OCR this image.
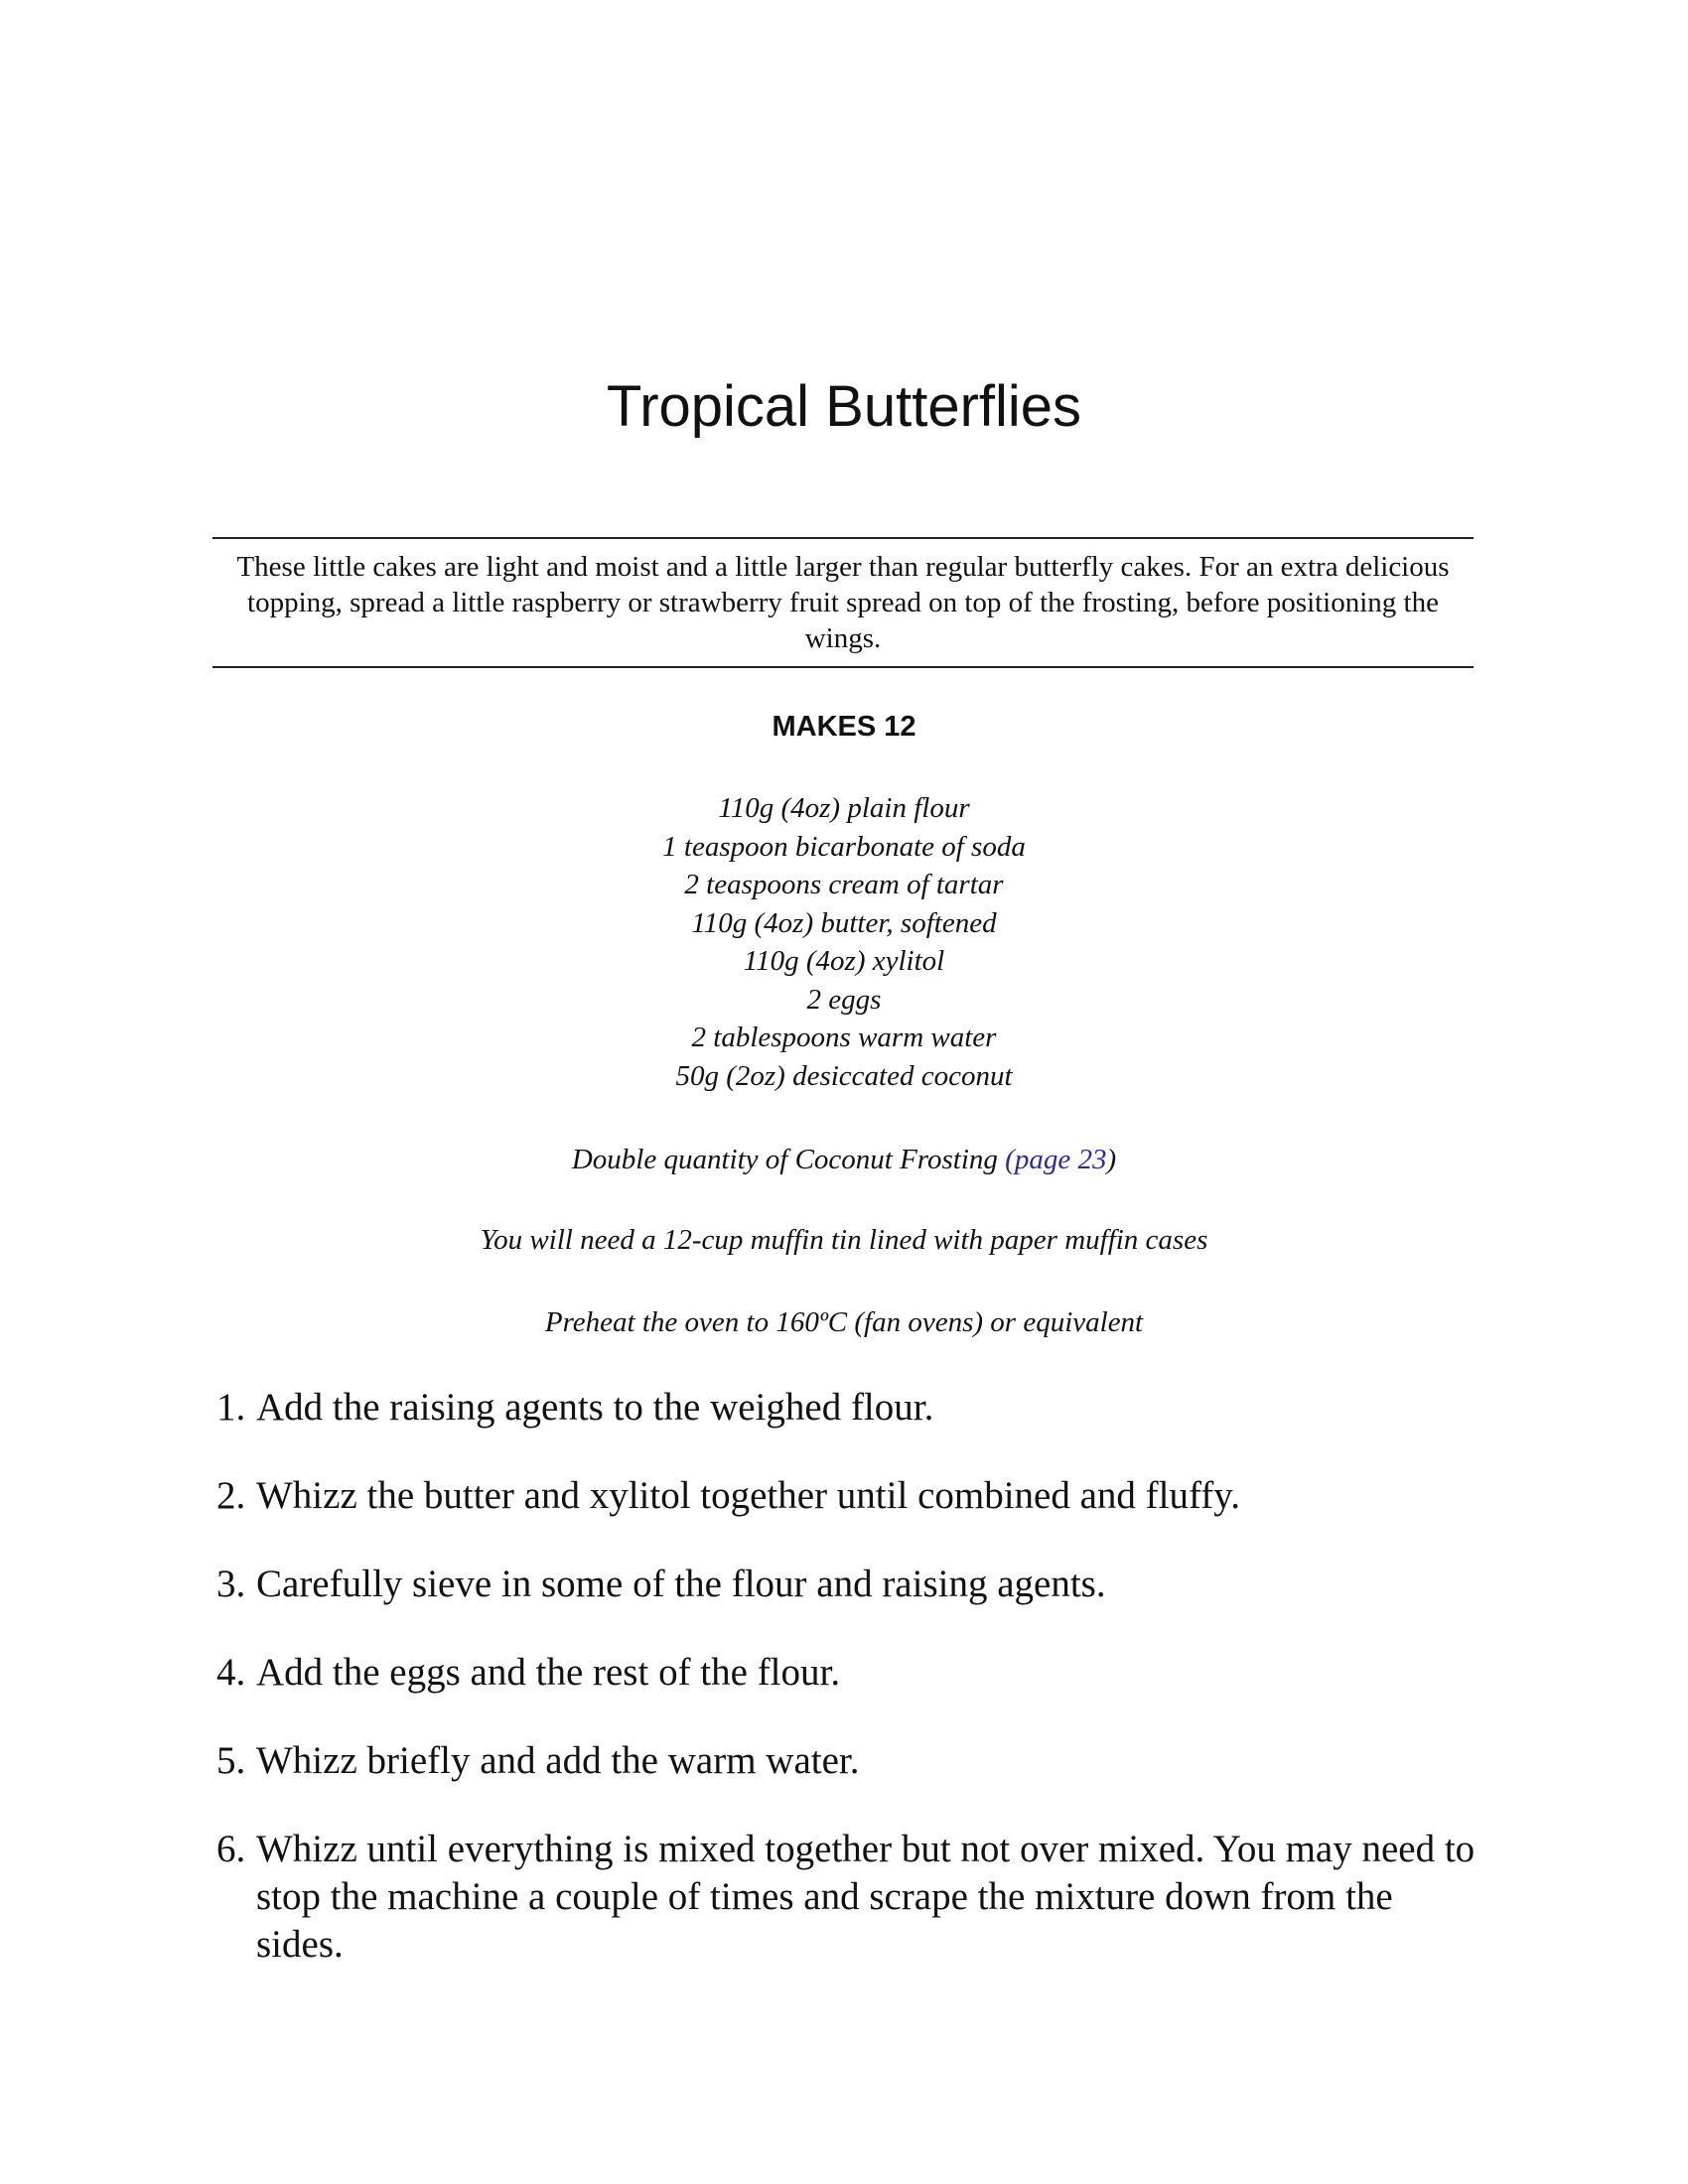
Tropical Butterflies

These little cakes are light and moist and a little larger than regular butterfly cakes. For an extra delicious topping, spread a little raspberry or strawberry fruit spread on top of the frosting, before positioning the wings.

MAKES 12
110g (4oz) plain flour
1 teaspoon bicarbonate of soda
2 teaspoons cream of tartar
110g (4oz) butter, softened
110g (4oz) xylitol
2 eggs
2 tablespoons warm water
50g (2oz) desiccated coconut
Double quantity of Coconut Frosting (page 23)
You will need a 12-cup muffin tin lined with paper muffin cases
Preheat the oven to 160ºC (fan ovens) or equivalent
1. Add the raising agents to the weighed flour.
2. Whizz the butter and xylitol together until combined and fluffy.
3. Carefully sieve in some of the flour and raising agents.
4. Add the eggs and the rest of the flour.
5. Whizz briefly and add the warm water.
6. Whizz until everything is mixed together but not over mixed. You may need to stop the machine a couple of times and scrape the mixture down from the sides.
